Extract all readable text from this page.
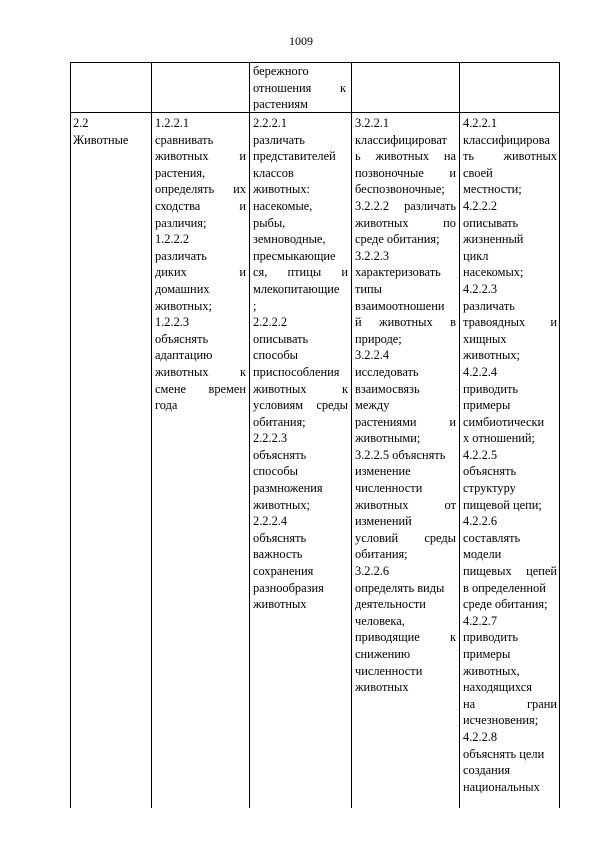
1009
бережного
отношения к
растениям
2.2
Животные
1.2.2.1
сравнивать
животных и
растения,
определять их
сходства и
различия;
1.2.2.2
различать
диких и
домашних
животных;
1.2.2.3
объяснять
адаптацию
животных к
смене времен
года
2.2.2.1
различать
представителей
классов
животных:
насекомые,
рыбы,
земноводные,
пресмыкающие
ся, птицы и
млекопитающие
;
2.2.2.2
описывать
способы
приспособления
животных к
условиям среды
обитания;
2.2.2.3
объяснять
способы
размножения
животных;
2.2.2.4
объяснять
важность
сохранения
разнообразия
животных
3.2.2.1
классифицироват
ь животных на
позвоночные и
беспозвоночные;
3.2.2.2 различать
животных по
среде обитания;
3.2.2.3
характеризовать
типы
взаимоотношени
й животных в
природе;
3.2.2.4
исследовать
взаимосвязь
между
растениями и
животными;
3.2.2.5 объяснять
изменение
численности
животных от
изменений
условий среды
обитания;
3.2.2.6
определять виды
деятельности
человека,
приводящие к
снижению
численности
животных
4.2.2.1
классифицирова
ть животных
своей
местности;
4.2.2.2
описывать
жизненный
цикл
насекомых;
4.2.2.3
различать
травоядных и
хищных
животных;
4.2.2.4
приводить
примеры
симбиотически
х отношений;
4.2.2.5
объяснять
структуру
пищевой цепи;
4.2.2.6
составлять
модели
пищевых цепей
в определенной
среде обитания;
4.2.2.7
приводить
примеры
животных,
находящихся
на грани
исчезновения;
4.2.2.8
объяснять цели
создания
национальных
